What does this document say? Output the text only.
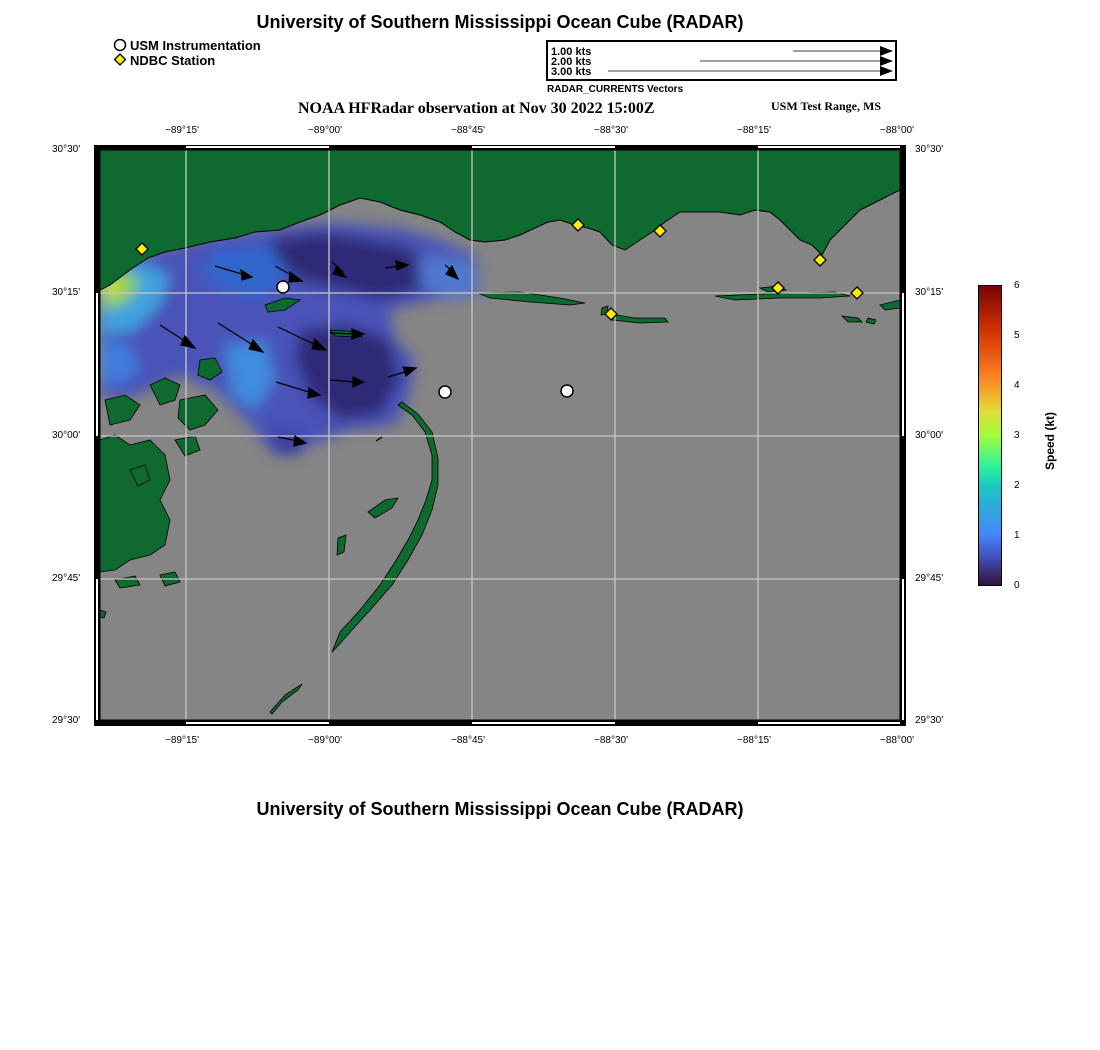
University of Southern Mississippi Ocean Cube (RADAR)
USM Instrumentation
NDBC Station
1.00 kts
2.00 kts
3.00 kts
RADAR_CURRENTS Vectors
NOAA HFRadar observation at Nov 30 2022 15:00Z	USM Test Range, MS
−89°15'	−89°00'	−88°45'	−88°30'	−88°15'	−88°00'
−89°15'	−89°00'	−88°45'	−88°30'	−88°15'	−88°00'
30°30'
30°15'
30°00'
29°45'
29°30'
30°30'
30°15'
30°00'
29°45'
29°30'
6
5
4
3
2
1
0
Speed (kt)
University of Southern Mississippi Ocean Cube (RADAR)
